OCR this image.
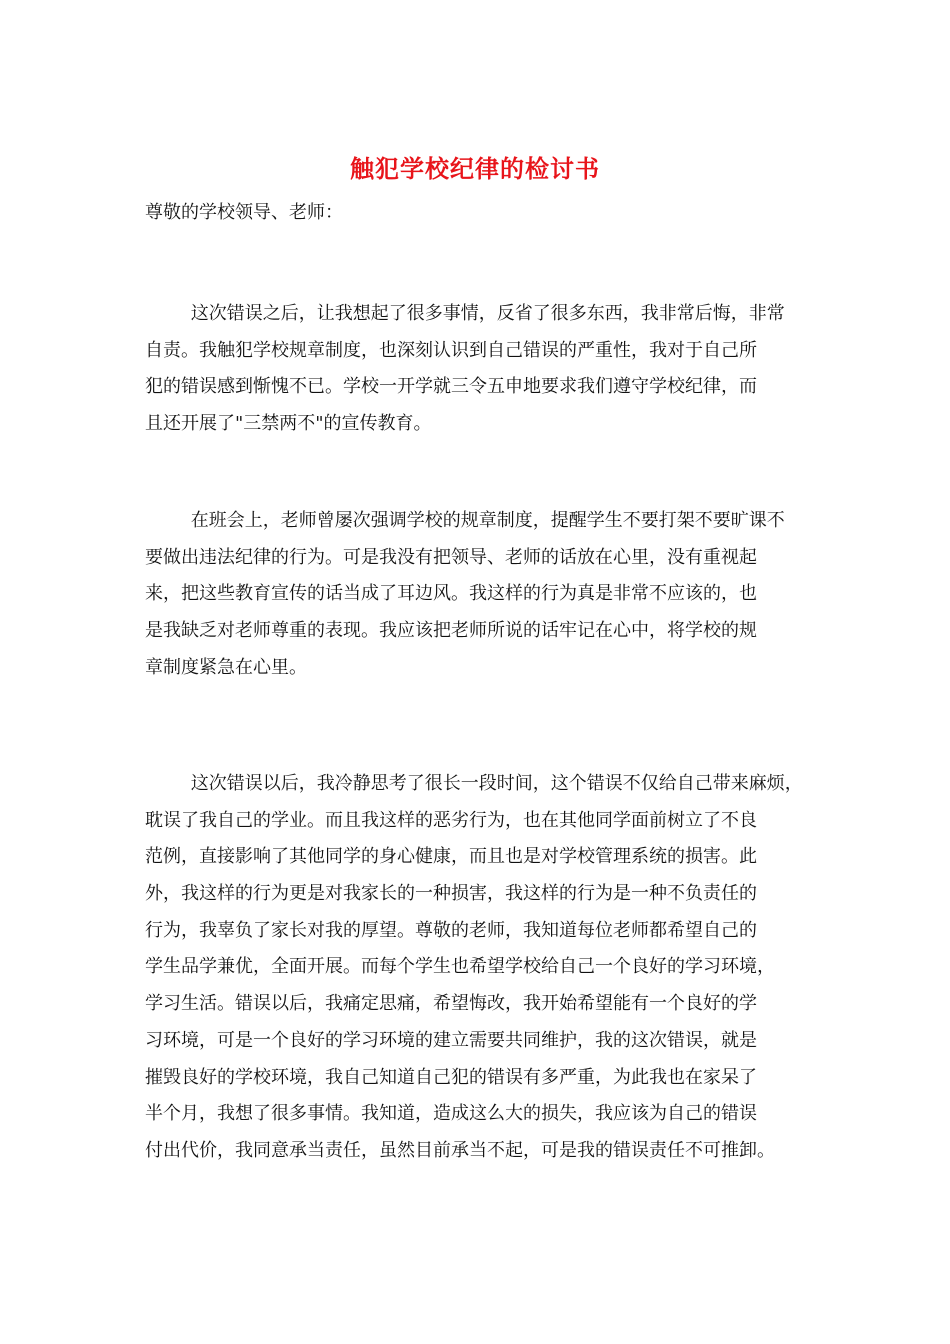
触犯学校纪律的检讨书
尊敬的学校领导、老师：
这次错误之后，让我想起了很多事情，反省了很多东西，我非常后悔，非常
自责。我触犯学校规章制度，也深刻认识到自己错误的严重性，我对于自己所
犯的错误感到惭愧不已。学校一开学就三令五申地要求我们遵守学校纪律，而
且还开展了"三禁两不"的宣传教育。
在班会上，老师曾屡次强调学校的规章制度，提醒学生不要打架不要旷课不
要做出违法纪律的行为。可是我没有把领导、老师的话放在心里，没有重视起
来，把这些教育宣传的话当成了耳边风。我这样的行为真是非常不应该的，也
是我缺乏对老师尊重的表现。我应该把老师所说的话牢记在心中，将学校的规
章制度紧急在心里。
这次错误以后，我冷静思考了很长一段时间，这个错误不仅给自己带来麻烦，
耽误了我自己的学业。而且我这样的恶劣行为，也在其他同学面前树立了不良
范例，直接影响了其他同学的身心健康，而且也是对学校管理系统的损害。此
外，我这样的行为更是对我家长的一种损害，我这样的行为是一种不负责任的
行为，我辜负了家长对我的厚望。尊敬的老师，我知道每位老师都希望自己的
学生品学兼优，全面开展。而每个学生也希望学校给自己一个良好的学习环境，
学习生活。错误以后，我痛定思痛，希望悔改，我开始希望能有一个良好的学
习环境，可是一个良好的学习环境的建立需要共同维护，我的这次错误，就是
摧毁良好的学校环境，我自己知道自己犯的错误有多严重，为此我也在家呆了
半个月，我想了很多事情。我知道，造成这么大的损失，我应该为自己的错误
付出代价，我同意承当责任，虽然目前承当不起，可是我的错误责任不可推卸。
